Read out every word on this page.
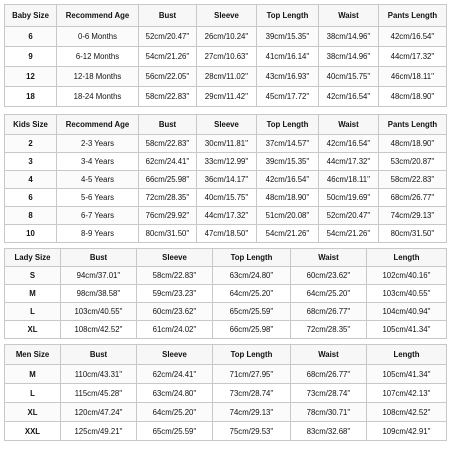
Baby Size	Recommend Age	Bust	Sleeve	Top Length	Waist	Pants Length
6	0-6 Months	52cm/20.47''	26cm/10.24''	39cm/15.35''	38cm/14.96''	42cm/16.54''
9	6-12 Months	54cm/21.26''	27cm/10.63''	41cm/16.14''	38cm/14.96''	44cm/17.32''
12	12-18 Months	56cm/22.05''	28cm/11.02''	43cm/16.93''	40cm/15.75''	46cm/18.11''
18	18-24 Months	58cm/22.83''	29cm/11.42''	45cm/17.72''	42cm/16.54''	48cm/18.90''
Kids Size	Recommend Age	Bust	Sleeve	Top Length	Waist	Pants Length
2	2-3 Years	58cm/22.83''	30cm/11.81''	37cm/14.57''	42cm/16.54''	48cm/18.90''
3	3-4 Years	62cm/24.41''	33cm/12.99''	39cm/15.35''	44cm/17.32''	53cm/20.87''
4	4-5 Years	66cm/25.98''	36cm/14.17''	42cm/16.54''	46cm/18.11''	58cm/22.83''
6	5-6 Years	72cm/28.35''	40cm/15.75''	48cm/18.90''	50cm/19.69''	68cm/26.77''
8	6-7 Years	76cm/29.92''	44cm/17.32''	51cm/20.08''	52cm/20.47''	74cm/29.13''
10	8-9 Years	80cm/31.50''	47cm/18.50''	54cm/21.26''	54cm/21.26''	80cm/31.50''
Lady Size	Bust	Sleeve	Top Length	Waist	Length
S	94cm/37.01''	58cm/22.83''	63cm/24.80''	60cm/23.62''	102cm/40.16''
M	98cm/38.58''	59cm/23.23''	64cm/25.20''	64cm/25.20''	103cm/40.55''
L	103cm/40.55''	60cm/23.62''	65cm/25.59''	68cm/26.77''	104cm/40.94''
XL	108cm/42.52''	61cm/24.02''	66cm/25.98''	72cm/28.35''	105cm/41.34''
Men Size	Bust	Sleeve	Top Length	Waist	Length
M	110cm/43.31''	62cm/24.41''	71cm/27.95''	68cm/26.77''	105cm/41.34''
L	115cm/45.28''	63cm/24.80''	73cm/28.74''	73cm/28.74''	107cm/42.13''
XL	120cm/47.24''	64cm/25.20''	74cm/29.13''	78cm/30.71''	108cm/42.52''
XXL	125cm/49.21''	65cm/25.59''	75cm/29.53''	83cm/32.68''	109cm/42.91''
